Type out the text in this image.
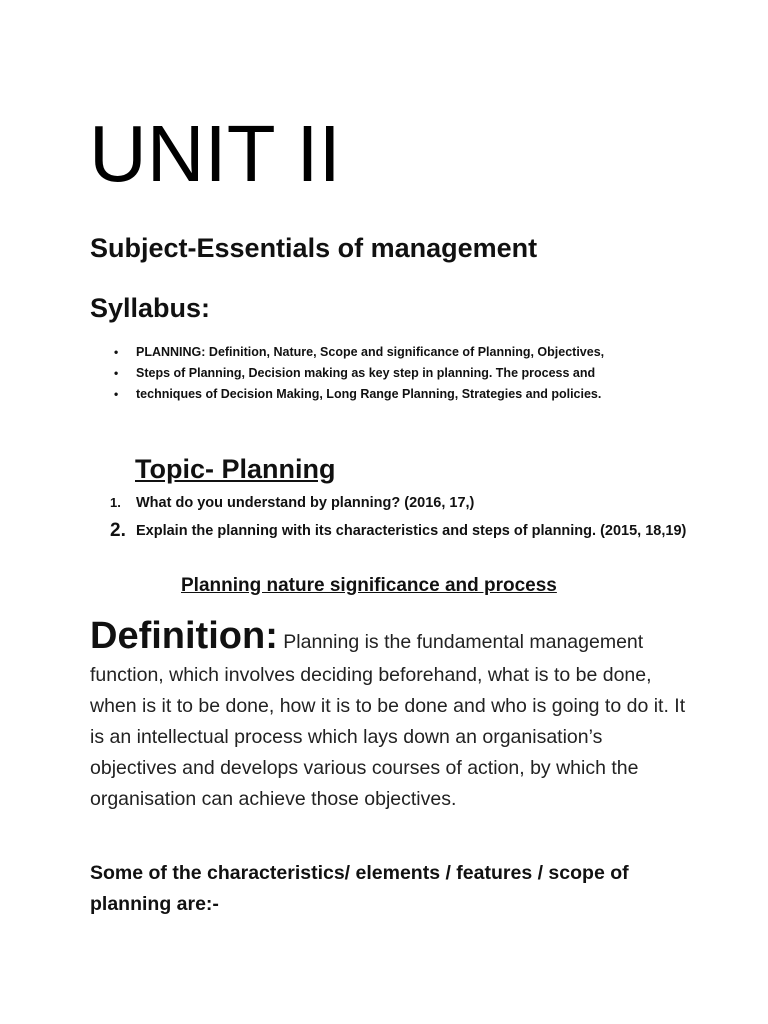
UNIT II
Subject-Essentials of management
Syllabus:
• PLANNING: Definition, Nature, Scope and significance of Planning, Objectives,
• Steps of Planning, Decision making as key step in planning. The process and
• techniques of Decision Making, Long Range Planning, Strategies and policies.
Topic- Planning
1. What do you understand by planning? (2016, 17,)
2. Explain the planning with its characteristics and steps of planning. (2015, 18,19)
Planning nature significance and process

Definition: Planning is the fundamental management function, which involves deciding beforehand, what is to be done, when is it to be done, how it is to be done and who is going to do it. It is an intellectual process which lays down an organisation’s objectives and develops various courses of action, by which the organisation can achieve those objectives.

Some of the characteristics/ elements / features / scope of planning are:-
